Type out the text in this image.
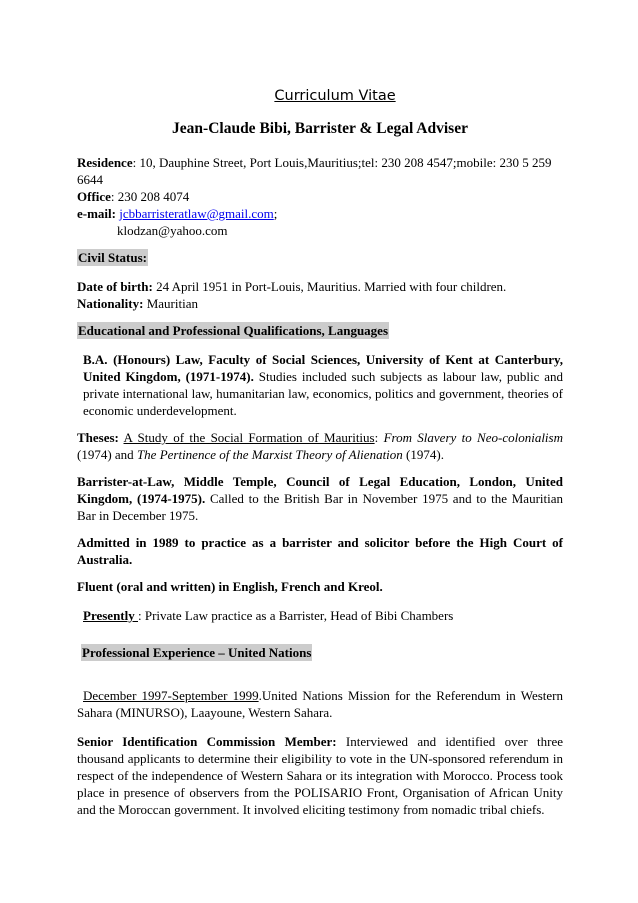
Curriculum Vitae
Jean-Claude Bibi, Barrister & Legal Adviser

Residence: 10, Dauphine Street, Port Louis,Mauritius;tel: 230 208 4547;mobile: 230 5 259 6644

Office: 230 208 4074

e-mail: jcbbarristeratlaw@gmail.com;

klodzan@yahoo.com

Civil Status:

Date of birth: 24 April 1951 in Port-Louis, Mauritius. Married with four children.

Nationality: Mauritian

Educational and Professional Qualifications, Languages

B.A. (Honours) Law, Faculty of Social Sciences, University of Kent at Canterbury, United Kingdom, (1971-1974). Studies included such subjects as labour law, public and private international law, humanitarian law, economics, politics and government, theories of economic underdevelopment.

Theses: A Study of the Social Formation of Mauritius: From Slavery to Neo-colonialism (1974) and The Pertinence of the Marxist Theory of Alienation (1974).

Barrister-at-Law, Middle Temple, Council of Legal Education, London, United Kingdom, (1974-1975). Called to the British Bar in November 1975 and to the Mauritian Bar in December 1975.

Admitted in 1989 to practice as a barrister and solicitor before the High Court of Australia.
Fluent (oral and written) in English, French and Kreol.

Presently : Private Law practice as a Barrister, Head of Bibi Chambers

Professional Experience – United Nations

December 1997-September 1999.United Nations Mission for the Referendum in Western Sahara (MINURSO), Laayoune, Western Sahara.

Senior Identification Commission Member: Interviewed and identified over three thousand applicants to determine their eligibility to vote in the UN-sponsored referendum in respect of the independence of Western Sahara or its integration with Morocco. Process took place in presence of observers from the POLISARIO Front, Organisation of African Unity and the Moroccan government. It involved eliciting testimony from nomadic tribal chiefs.
